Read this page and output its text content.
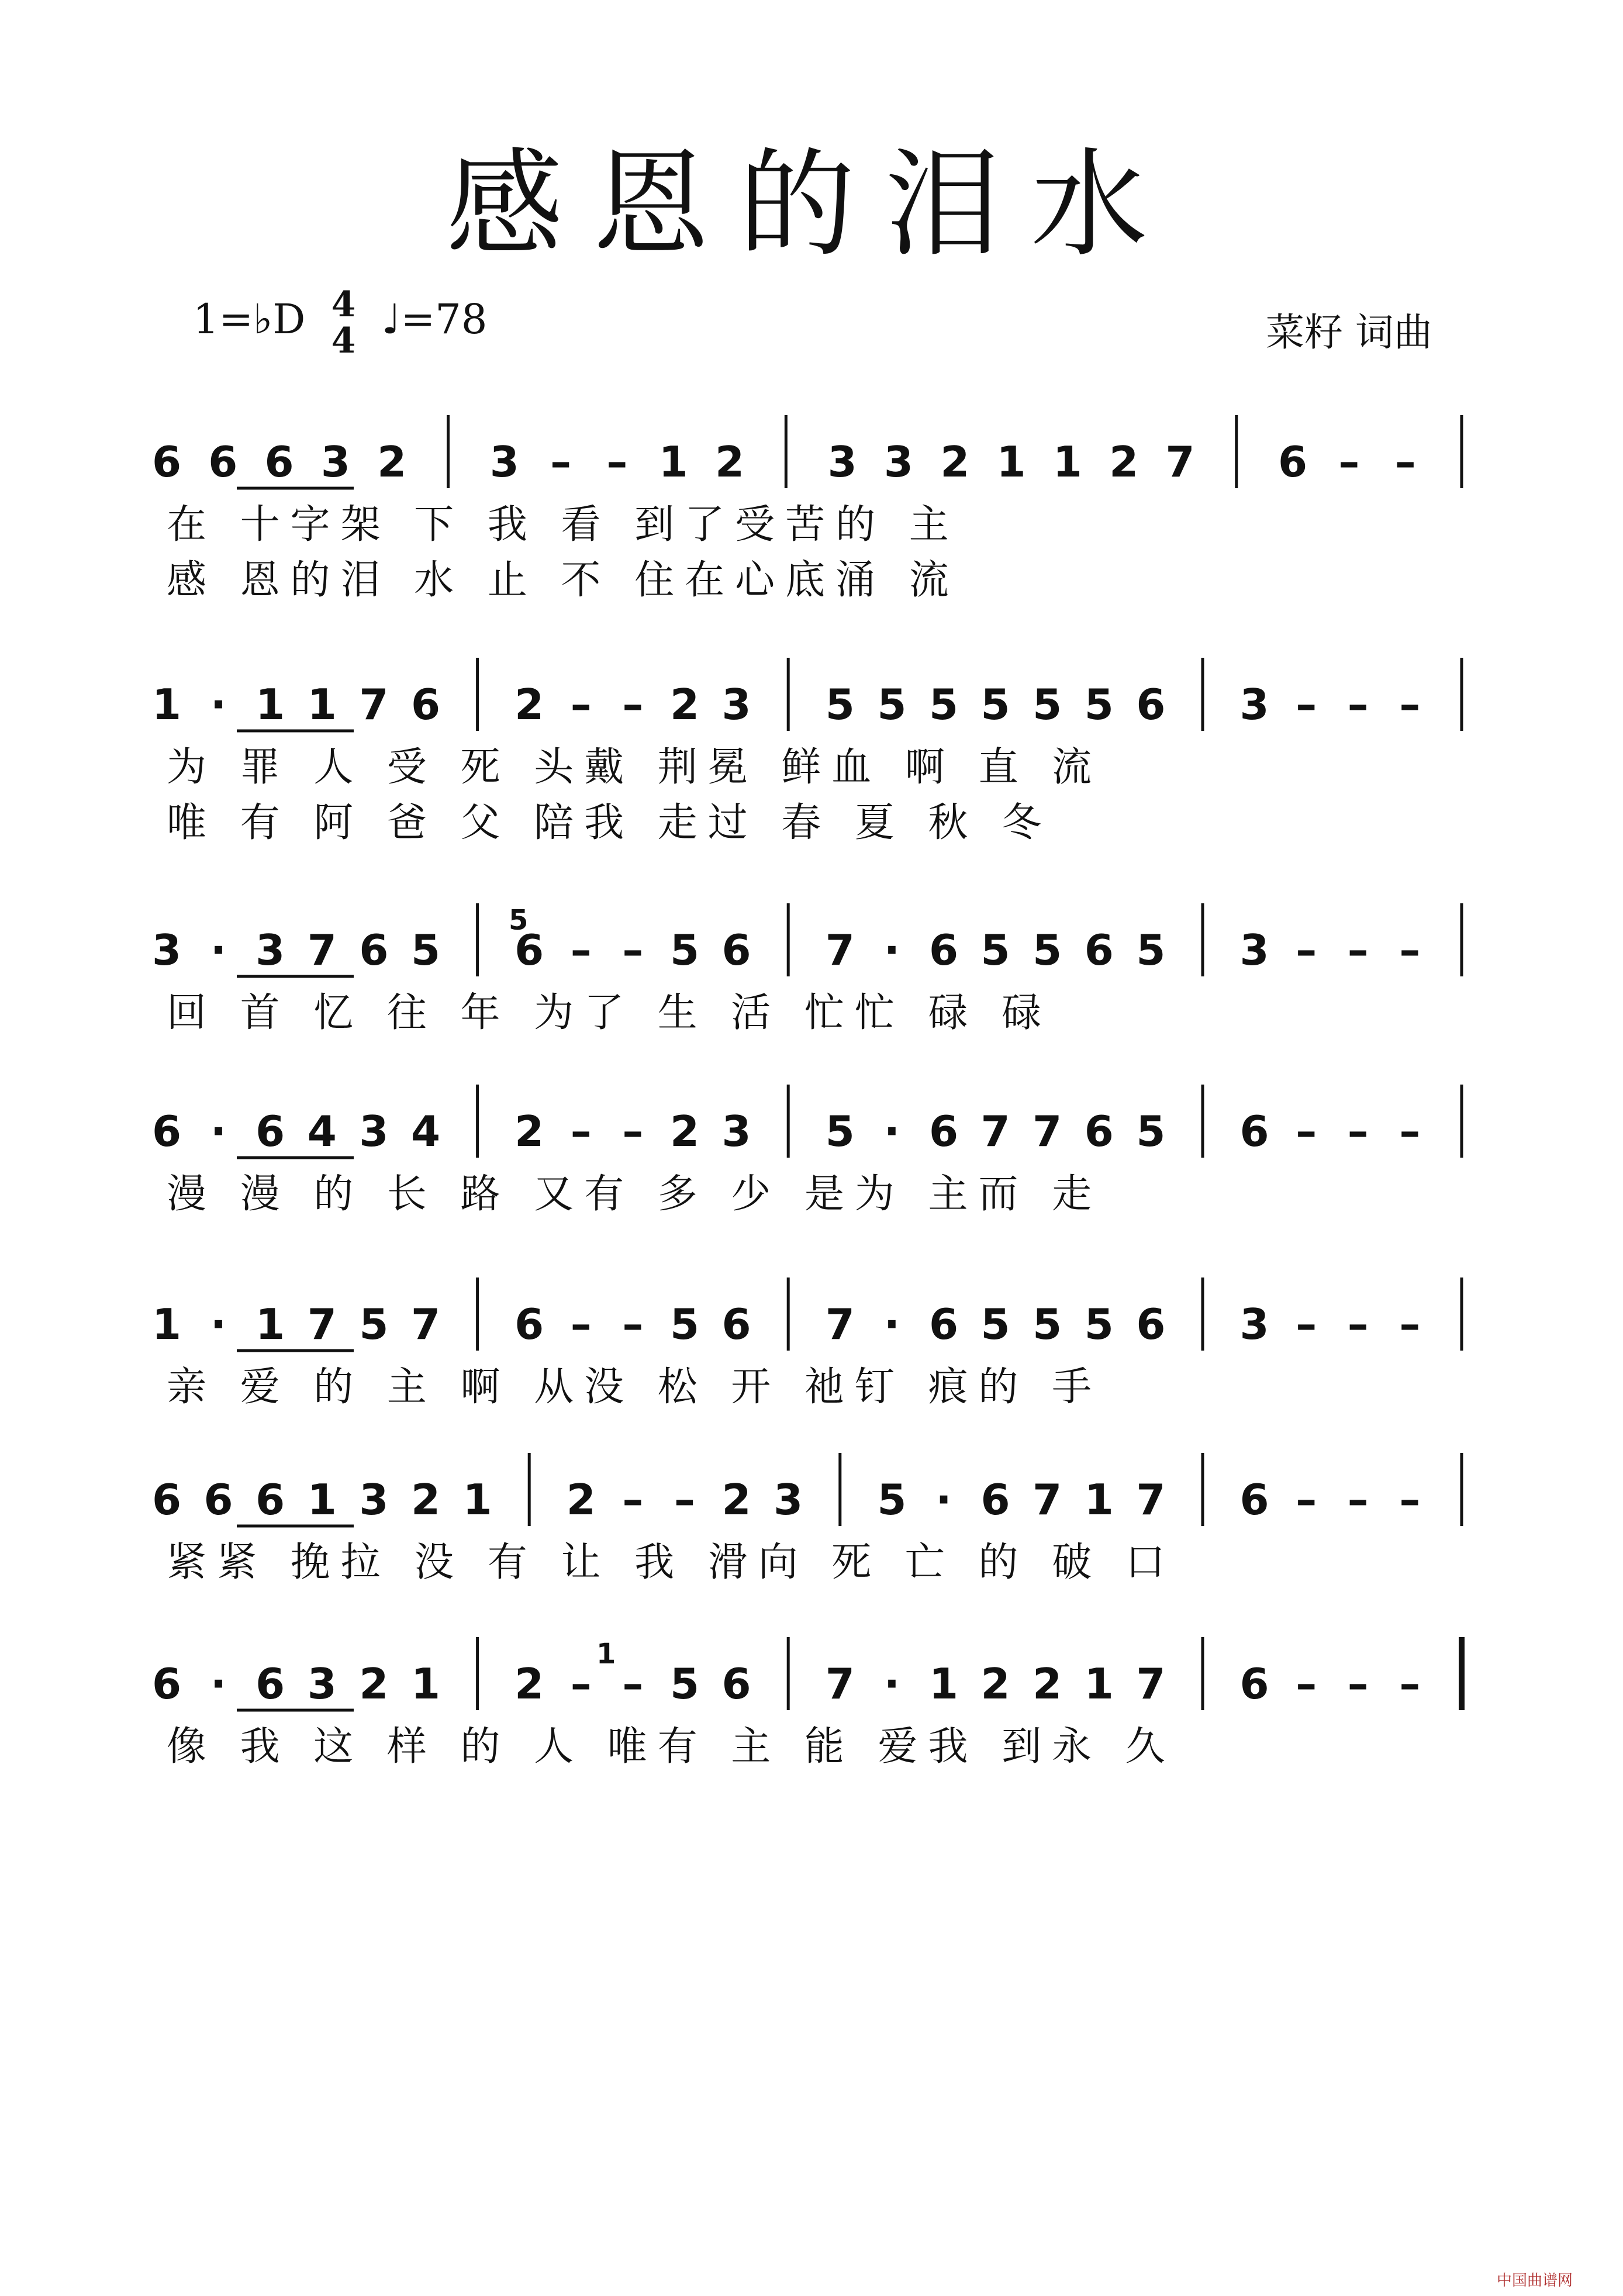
感恩的泪水
1=♭D 4
4 ♩=78	菜籽 词曲
6 6 6 3 2 3 – – 1 2 3 3 2 1 1 2 7 6 – –
在 十字架 下 我 看 到了受苦的 主
感 恩的泪 水 止 不 住在心底涌 流
1 · 1 1 7 6 2 – – 2 3 5 5 5 5 5 5 6 3 – – –
为 罪 人 受 死 头戴 荆冕 鲜血 啊 直 流
唯 有 阿 爸 父 陪我 走过 春 夏 秋 冬
3 · 3 7 6 5 6 – – 5 6 7 · 6 5 5 6 5 3 – – –
回 首 忆 往 年 为了 生 活 忙忙 碌 碌
6 · 6 4 3 4 2 – – 2 3 5 · 6 7 7 6 5 6 – – –
漫 漫 的 长 路 又有 多 少 是为 主而 走
1 · 1 7 5 7 6 – – 5 6 7 · 6 5 5 5 6 3 – – –
亲 爱 的 主 啊 从没 松 开 祂钉 痕的 手
6 6 6 1 3 2 1 2 – – 2 3 5 · 6 7 1 7 6 – – –
紧紧 挽拉 没 有 让 我 滑向 死 亡 的 破 口
6 · 6 3 2 1 2 – – 5 6 7 · 1 2 2 1 7 6 – – –
像 我 这 样 的 人 唯有 主 能 爱我 到永 久
5
1
中国曲谱网
